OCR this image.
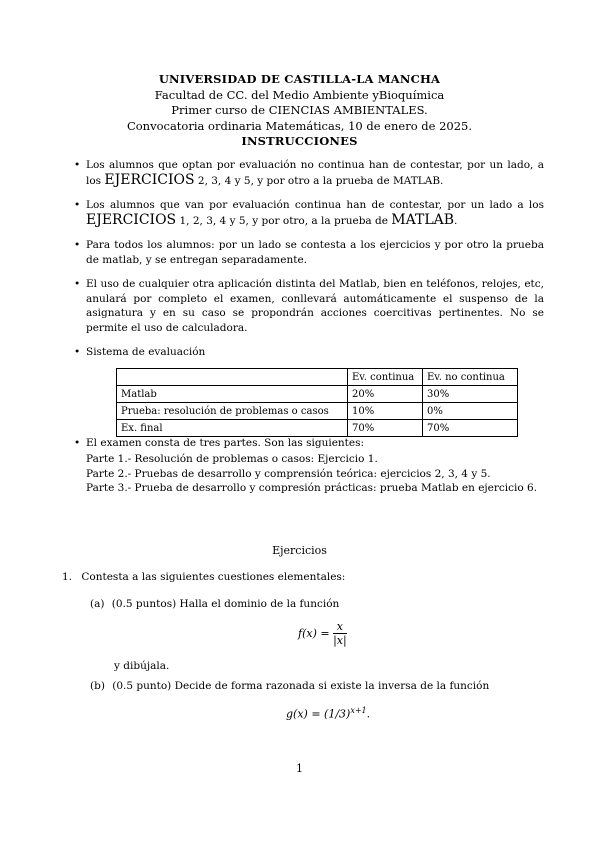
UNIVERSIDAD DE CASTILLA-LA MANCHA
Facultad de CC. del Medio Ambiente yBioquímica
Primer curso de CIENCIAS AMBIENTALES.
Convocatoria ordinaria Matemáticas, 10 de enero de 2025.
INSTRUCCIONES
• Los alumnos que optan por evaluación no continua han de contestar, por un lado, a los EJERCICIOS 2, 3, 4 y 5, y por otro a la prueba de MATLAB.
• Los alumnos que van por evaluación continua han de contestar, por un lado a los EJERCICIOS 1, 2, 3, 4 y 5, y por otro, a la prueba de MATLAB.
• Para todos los alumnos: por un lado se contesta a los ejercicios y por otro la prueba de matlab, y se entregan separadamente.
• El uso de cualquier otra aplicación distinta del Matlab, bien en teléfonos, relojes, etc, anulará por completo el examen, conllevará automáticamente el suspenso de la asignatura y en su caso se propondrán acciones coercitivas pertinentes. No se permite el uso de calculadora.
• Sistema de evaluación
• El examen consta de tres partes. Son las siguientes:
Parte 1.- Resolución de problemas o casos: Ejercicio 1.
Parte 2.- Pruebas de desarrollo y comprensión teórica: ejercicios 2, 3, 4 y 5.
Parte 3.- Prueba de desarrollo y compresión prácticas: prueba Matlab en ejercicio 6.
	Ev. continua	Ev. no continua
Matlab	20%	30%
Prueba: resolución de problemas o casos	10%	0%
Ex. final	70%	70%
Ejercicios
1. Contesta a las siguientes cuestiones elementales:
(a) (0.5 puntos) Halla el dominio de la función
$f(x) = \frac{x}{|x|}$
y dibújala.
(b) (0.5 punto) Decide de forma razonada si existe la inversa de la función
$g(x) = (1/3)^{x+1}$.
1
